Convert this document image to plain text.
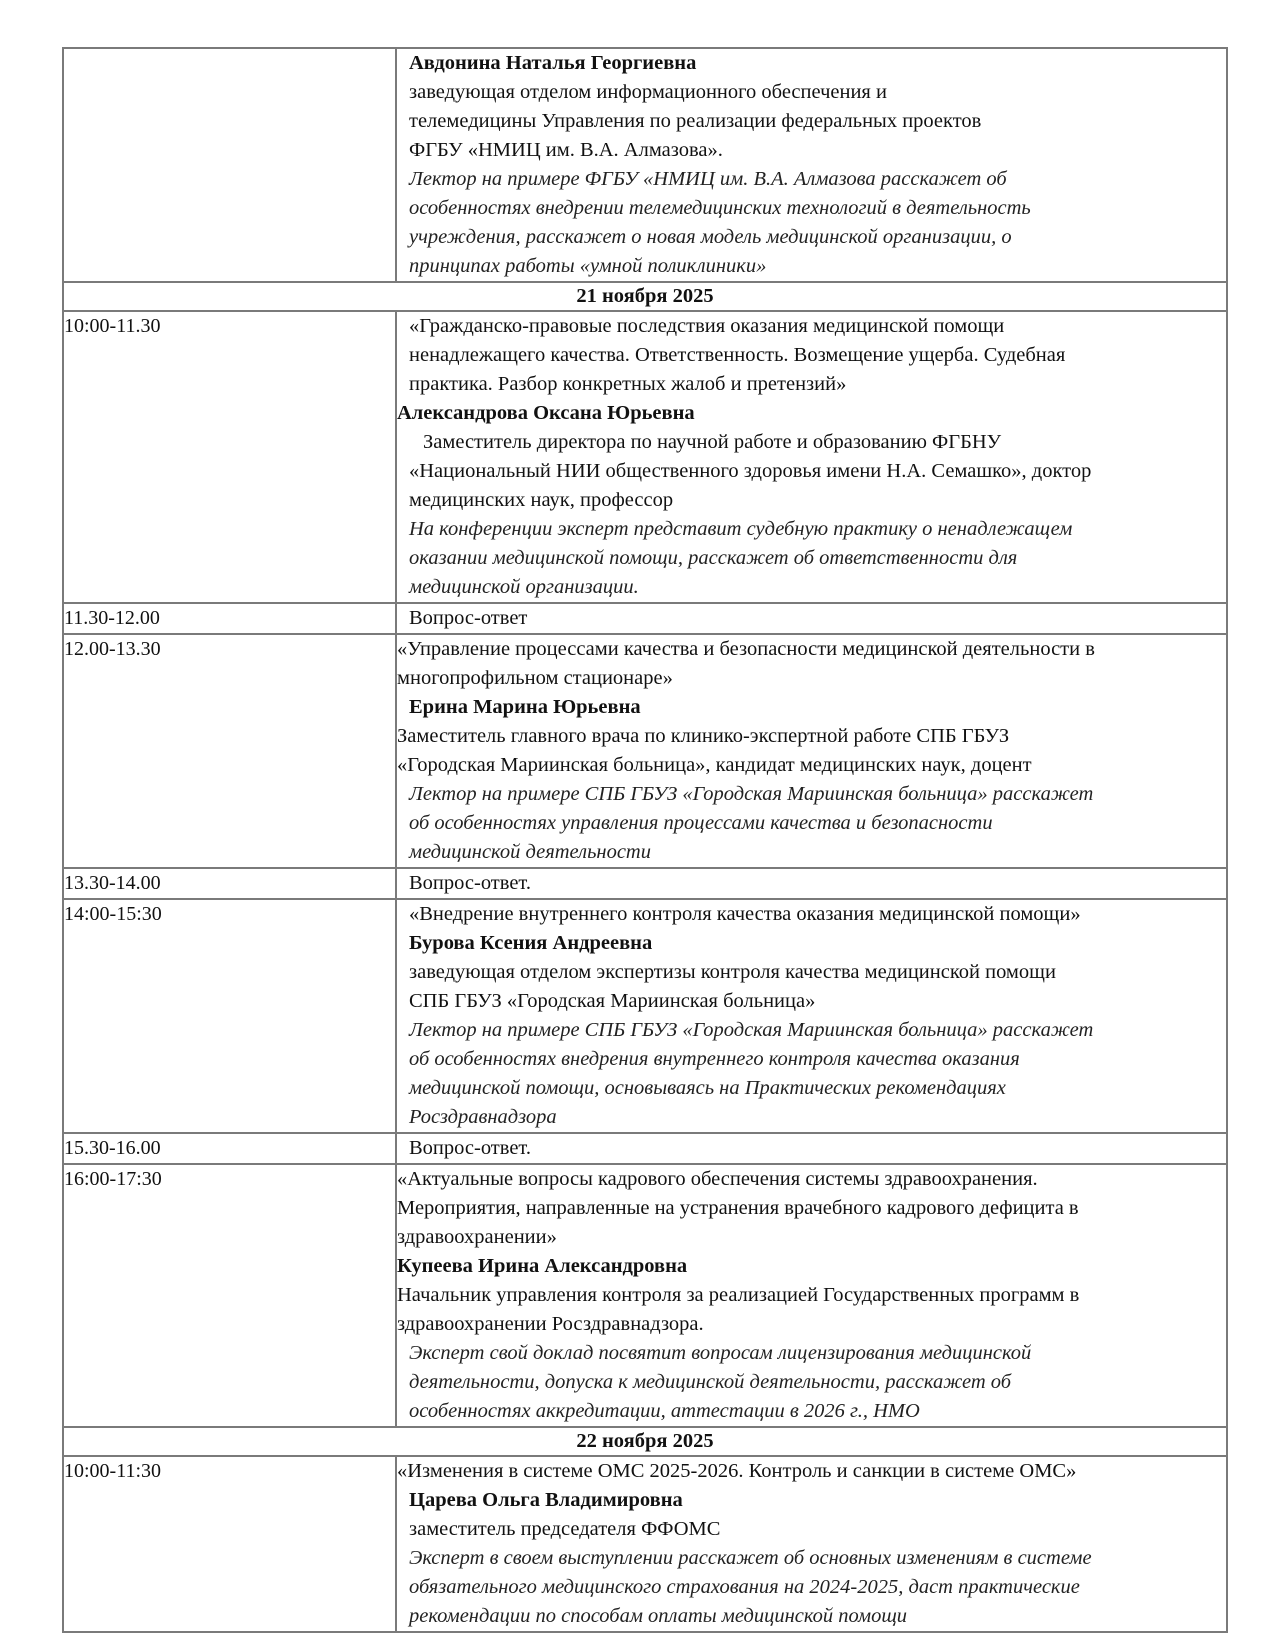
Авдонина Наталья Георгиевна
заведующая отделом информационного обеспечения и
телемедицины Управления по реализации федеральных проектов
ФГБУ «НМИЦ им. В.А. Алмазова».
Лектор на примере ФГБУ «НМИЦ им. В.А. Алмазова расскажет об
особенностях внедрении телемедицинских технологий в деятельность
учреждения, расскажет о новая модель медицинской организации, о
принципах работы «умной поликлиники»

21 ноября 2025	
10:00-11.30	«Гражданско-правовые последствия оказания медицинской помощи
ненадлежащего качества. Ответственность. Возмещение ущерба. Судебная
практика. Разбор конкретных жалоб и претензий»
Александрова Оксана Юрьевна
Заместитель директора по научной работе и образованию ФГБНУ
«Национальный НИИ общественного здоровья имени Н.А. Семашко», доктор
медицинских наук, профессор
На конференции эксперт представит судебную практику о ненадлежащем
оказании медицинской помощи, расскажет об ответственности для
медицинской организации.

11.30-12.00	Вопрос-ответ

12.00-13.30	«Управление процессами качества и безопасности медицинской деятельности в
многопрофильном стационаре»
Ерина Марина Юрьевна
Заместитель главного врача по клинико-экспертной работе СПБ ГБУЗ
«Городская Мариинская больница», кандидат медицинских наук, доцент
Лектор на примере СПБ ГБУЗ «Городская Мариинская больница» расскажет
об особенностях управления процессами качества и безопасности
медицинской деятельности

13.30-14.00	Вопрос-ответ.

14:00-15:30	«Внедрение внутреннего контроля качества оказания медицинской помощи»
Бурова Ксения Андреевна
заведующая отделом экспертизы контроля качества медицинской помощи
СПБ ГБУЗ «Городская Мариинская больница»
Лектор на примере СПБ ГБУЗ «Городская Мариинская больница» расскажет
об особенностях внедрения внутреннего контроля качества оказания
медицинской помощи, основываясь на Практических рекомендациях
Росздравнадзора

15.30-16.00	Вопрос-ответ.

16:00-17:30	«Актуальные вопросы кадрового обеспечения системы здравоохранения.
Мероприятия, направленные на устранения врачебного кадрового дефицита в
здравоохранении»
Купеева Ирина Александровна
Начальник управления контроля за реализацией Государственных программ в
здравоохранении Росздравнадзора.
Эксперт свой доклад посвятит вопросам лицензирования медицинской
деятельности, допуска к медицинской деятельности, расскажет об
особенностях аккредитации, аттестации в 2026 г., НМО

22 ноября 2025	
10:00-11:30	«Изменения в системе ОМС 2025-2026. Контроль и санкции в системе ОМС»
Царева Ольга Владимировна
заместитель председателя ФФОМС
Эксперт в своем выступлении расскажет об основных изменениям в системе
обязательного медицинского страхования на 2024-2025, даст практические
рекомендации по способам оплаты медицинской помощи
